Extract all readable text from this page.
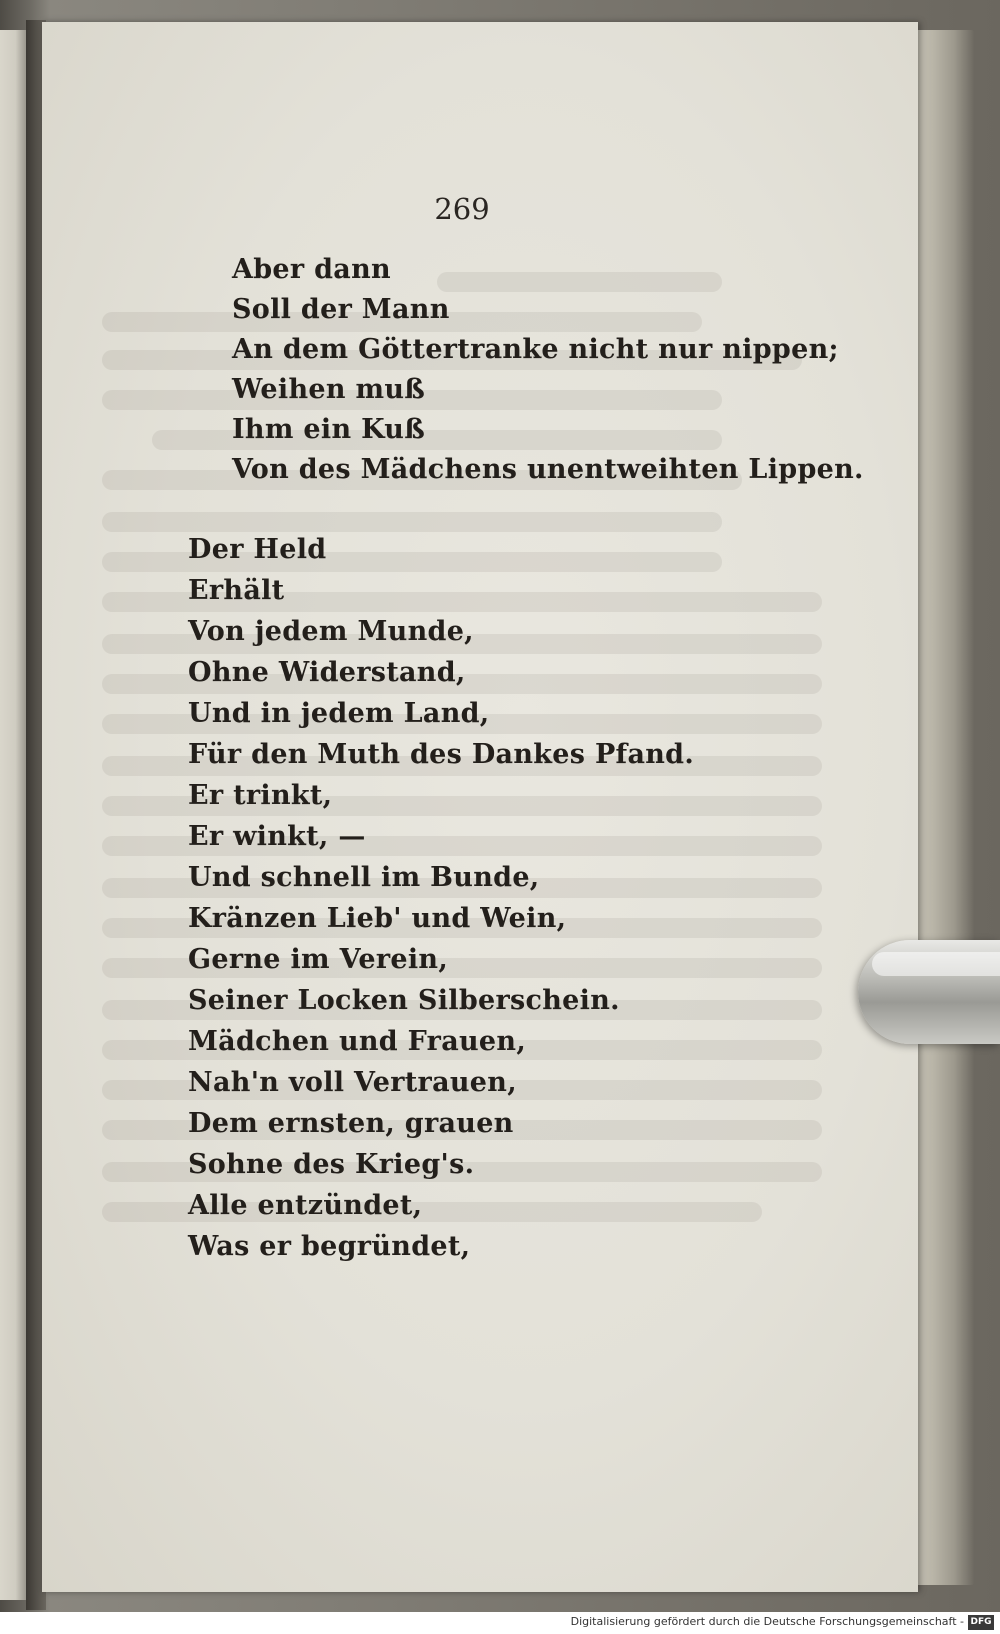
269
Aber dann
Soll der Mann
An dem Göttertranke nicht nur nippen;
Weihen muß
Ihm ein Kuß
Von des Mädchens unentweihten Lippen.
Der Held
Erhält
Von jedem Munde,
Ohne Widerstand,
Und in jedem Land,
Für den Muth des Dankes Pfand.
Er trinkt,
Er winkt, —
Und schnell im Bunde,
Kränzen Lieb' und Wein,
Gerne im Verein,
Seiner Locken Silberschein.
Mädchen und Frauen,
Nah'n voll Vertrauen,
Dem ernsten, grauen
Sohne des Krieg's.
Alle entzündet,
Was er begründet,
Digitalisierung gefördert durch die Deutsche Forschungsgemeinschaft - DFG
